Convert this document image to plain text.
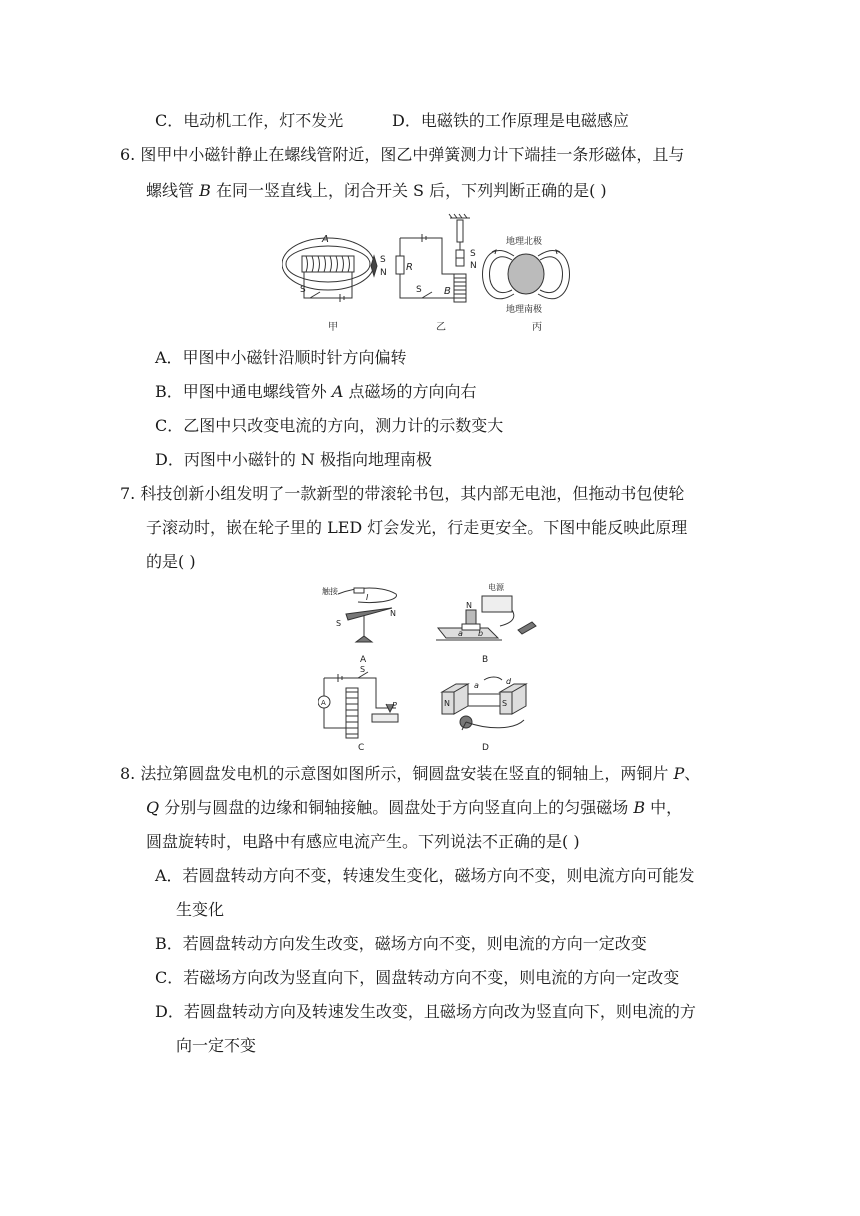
C．电动机工作，灯不发光	D．电磁铁的工作原理是电磁感应
6. 图甲中小磁针静止在螺线管附近，图乙中弹簧测力计下端挂一条形磁体，且与
螺线管 B 在同一竖直线上，闭合开关 S 后，下列判断正确的是( )
A
S
N
S
甲
R
S
N
S B
乙
地理北极
地理南极
丙
A．甲图中小磁针沿顺时针方向偏转
B．甲图中通电螺线管外 A 点磁场的方向向右
C．乙图中只改变电流的方向，测力计的示数变大
D．丙图中小磁针的 N 极指向地理南极
7. 科技创新小组发明了一款新型的带滚轮书包，其内部无电池，但拖动书包使轮
子滚动时，嵌在轮子里的 LED 灯会发光，行走更安全。下图中能反映此原理
的是( )
触接
I
S
N
A
电源
N
b
a
B
A
S
P
C
N	S
a	d
D
8. 法拉第圆盘发电机的示意图如图所示，铜圆盘安装在竖直的铜轴上，两铜片 P、
Q 分别与圆盘的边缘和铜轴接触。圆盘处于方向竖直向上的匀强磁场 B 中，
圆盘旋转时，电路中有感应电流产生。下列说法不正确的是( )
A．若圆盘转动方向不变，转速发生变化，磁场方向不变，则电流方向可能发
生变化
B．若圆盘转动方向发生改变，磁场方向不变，则电流的方向一定改变
C．若磁场方向改为竖直向下，圆盘转动方向不变，则电流的方向一定改变
D．若圆盘转动方向及转速发生改变，且磁场方向改为竖直向下，则电流的方
向一定不变
